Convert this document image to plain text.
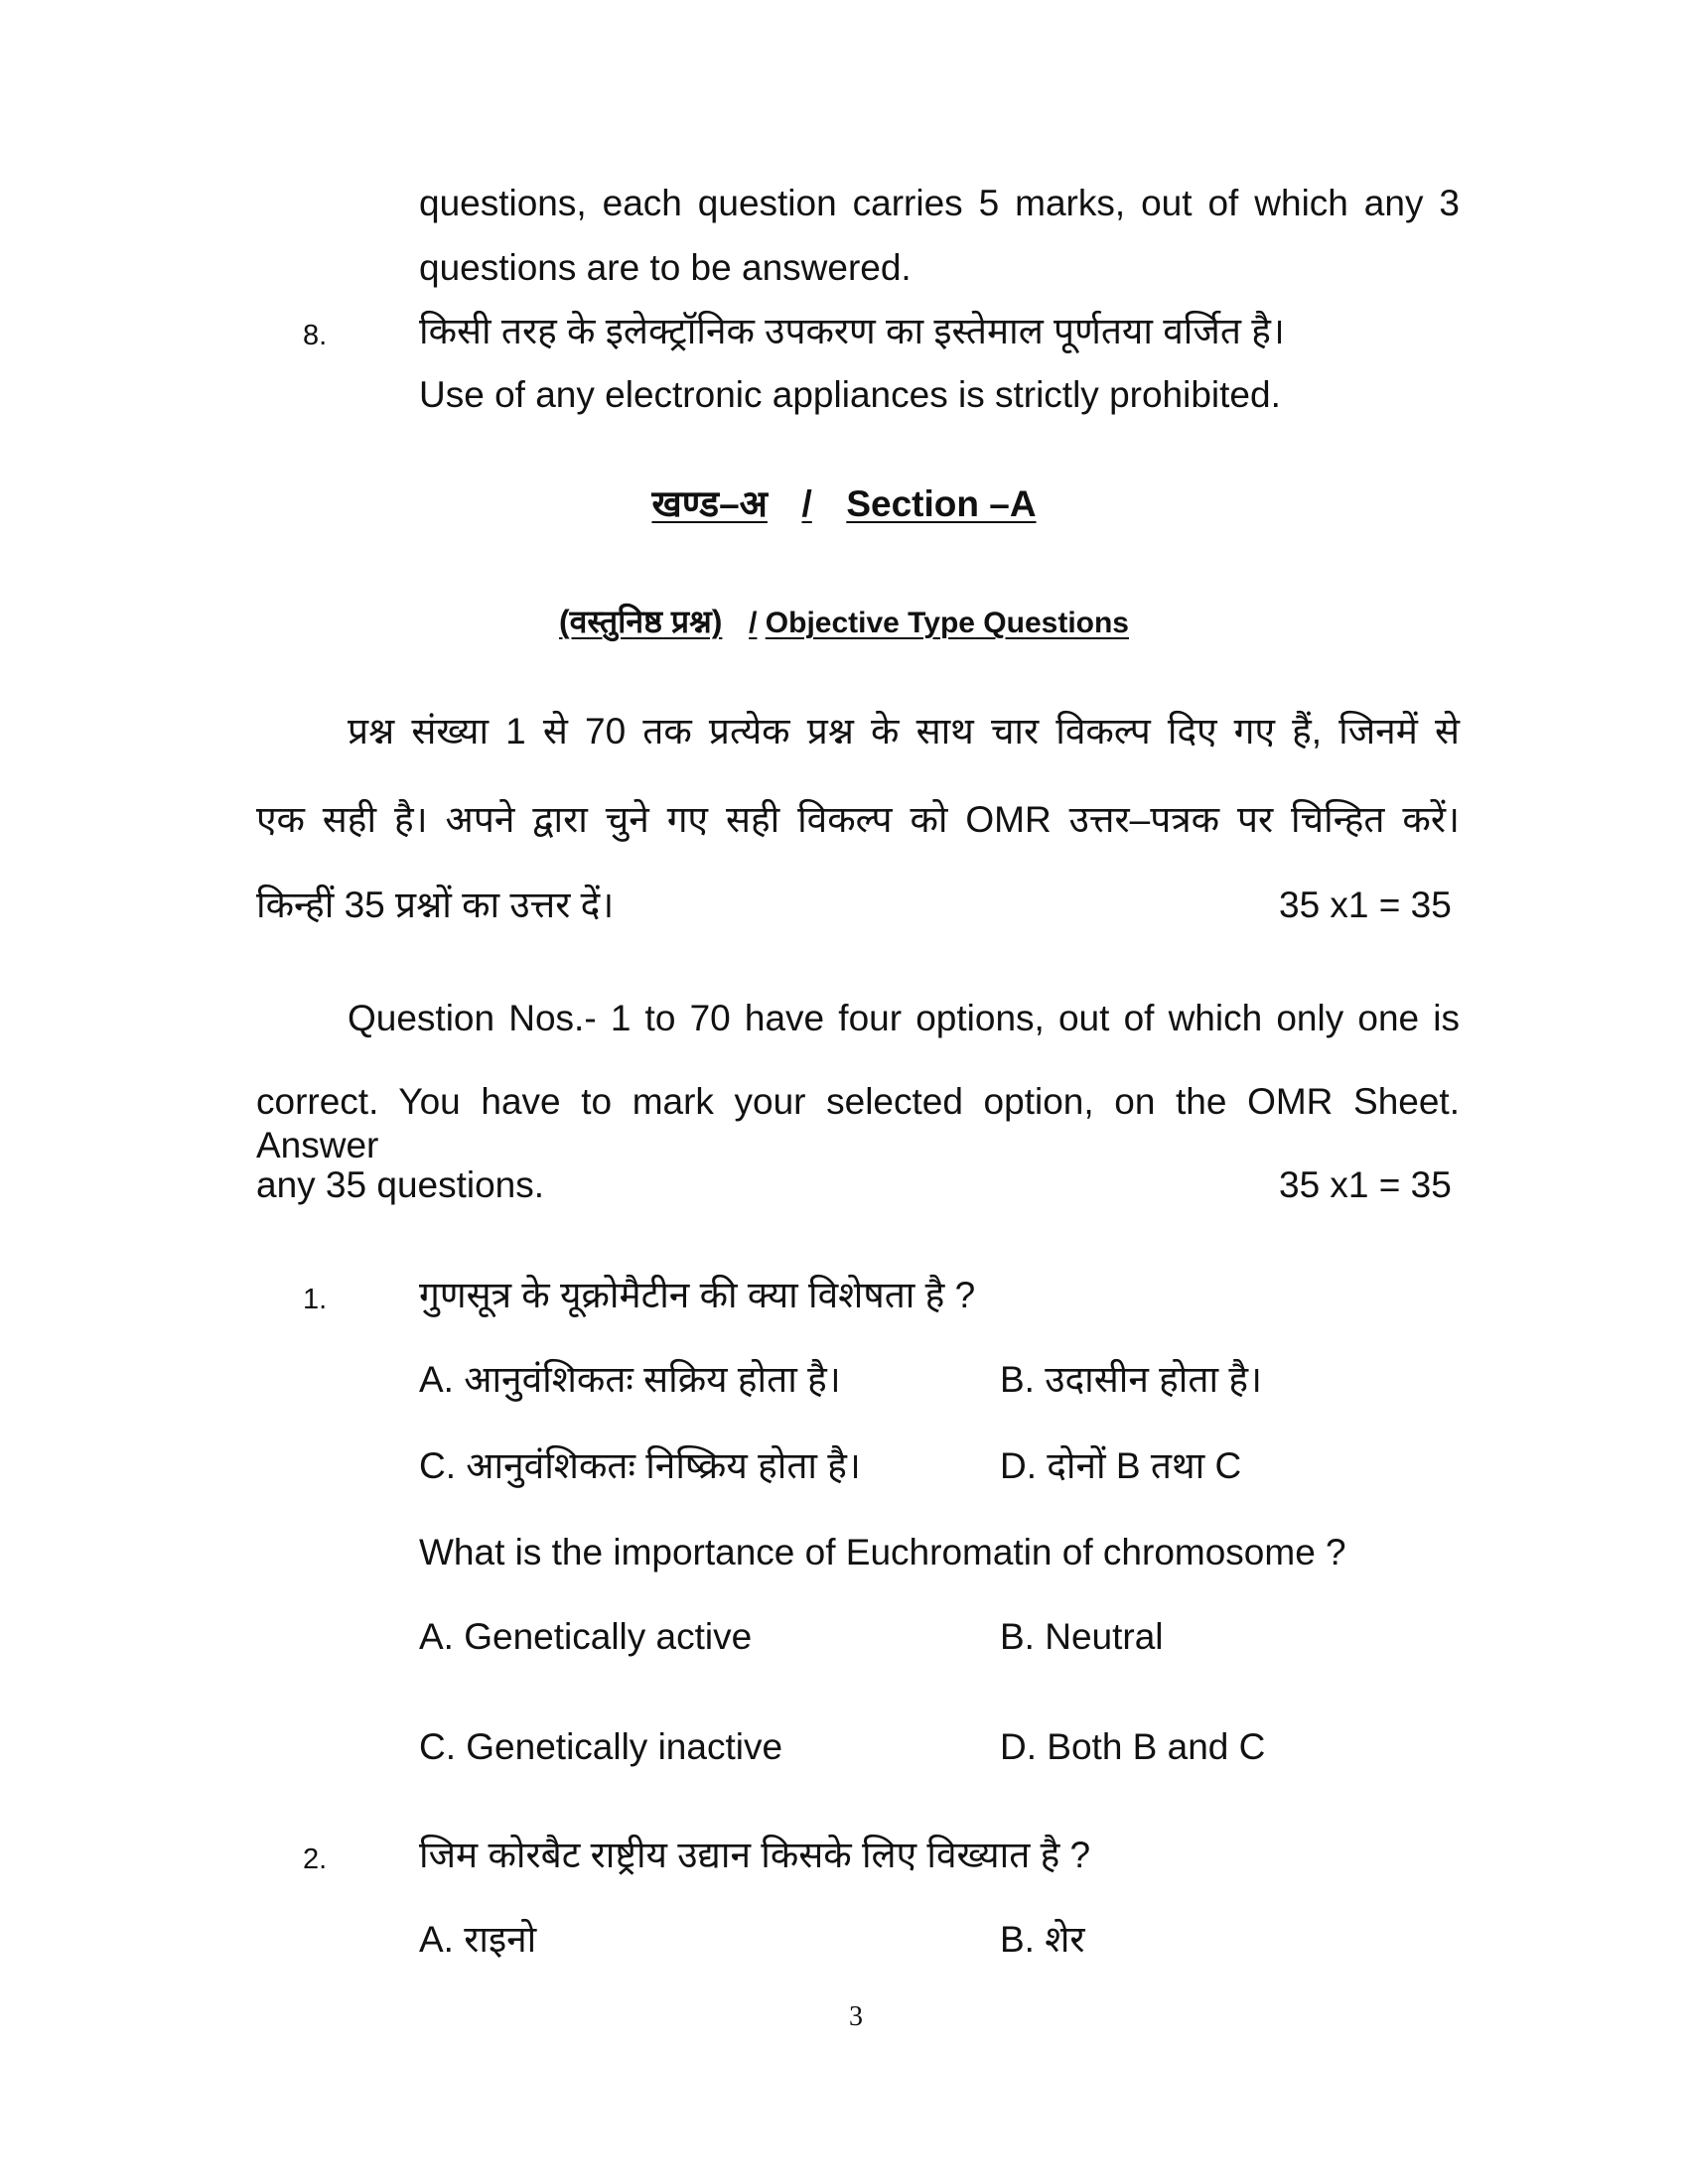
questions, each question carries 5 marks, out of which any 3
questions are to be answered.
8.	किसी तरह के इलेक्ट्रॉनिक उपकरण का इस्तेमाल पूर्णतया वर्जित है।
Use of any electronic appliances is strictly prohibited.
खण्ड–अ / Section –A
(वस्तुनिष्ठ प्रश्न) / Objective Type Questions
प्रश्न संख्या 1 से 70 तक प्रत्येक प्रश्न के साथ चार विकल्प दिए गए हैं, जिनमें से
एक सही है। अपने द्वारा चुने गए सही विकल्प को OMR उत्तर–पत्रक पर चिन्हित करें।
किन्हीं 35 प्रश्नों का उत्तर दें।	35 x1 = 35
Question Nos.- 1 to 70 have four options, out of which only one is
correct. You have to mark your selected option, on the OMR Sheet. Answer
any 35 questions.	35 x1 = 35
1.	गुणसूत्र के यूक्रोमैटीन की क्या विशेषता है ?
A. आनुवंशिकतः सक्रिय होता है।	B. उदासीन होता है।
C. आनुवंशिकतः निष्क्रिय होता है।	D. दोनों B तथा C
What is the importance of Euchromatin of chromosome ?
A. Genetically active	B. Neutral
C. Genetically inactive	D. Both B and C
2.	जिम कोरबैट राष्ट्रीय उद्यान किसके लिए विख्यात है ?
A. राइनो	B. शेर
3
